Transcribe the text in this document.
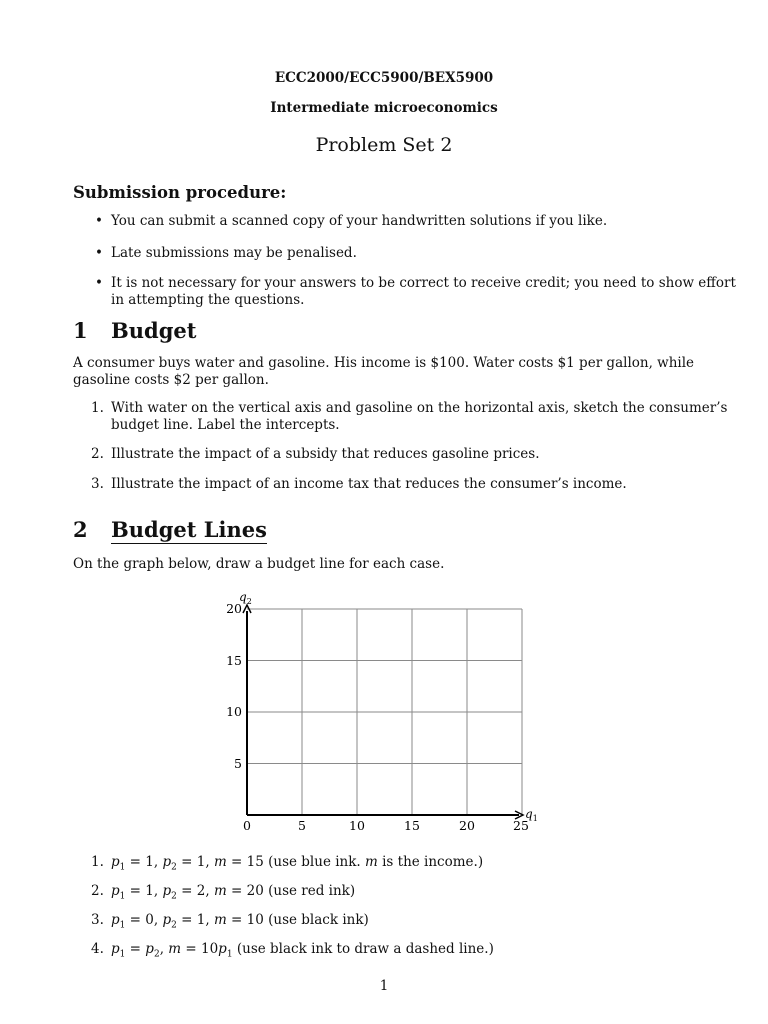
ECC2000/ECC5900/BEX5900
Intermediate microeconomics
Problem Set 2
Submission procedure:
• You can submit a scanned copy of your handwritten solutions if you like.
• Late submissions may be penalised.
• It is not necessary for your answers to be correct to receive credit; you need to show effort
in attempting the questions.
1 Budget
A consumer buys water and gasoline. His income is $100. Water costs $1 per gallon, while
gasoline costs $2 per gallon.
1. With water on the vertical axis and gasoline on the horizontal axis, sketch the consumer’s
budget line. Label the intercepts.
2. Illustrate the impact of a subsidy that reduces gasoline prices.
3. Illustrate the impact of an income tax that reduces the consumer’s income.
2 Budget Lines
On the graph below, draw a budget line for each case.
$q_1$
$q_2$
0	5	10	15	20	25
5
10
15
20
1. $p_1 = 1$, $p_2 = 1$, m = 15 (use blue ink. m is the income.)
2. $p_1 = 1$, $p_2 = 2$, m = 20 (use red ink)
3. $p_1 = 0$, $p_2 = 1$, m = 10 (use black ink)
4. $p_1 = p_2$, $m = 10p_1$ (use black ink to draw a dashed line.)
1
